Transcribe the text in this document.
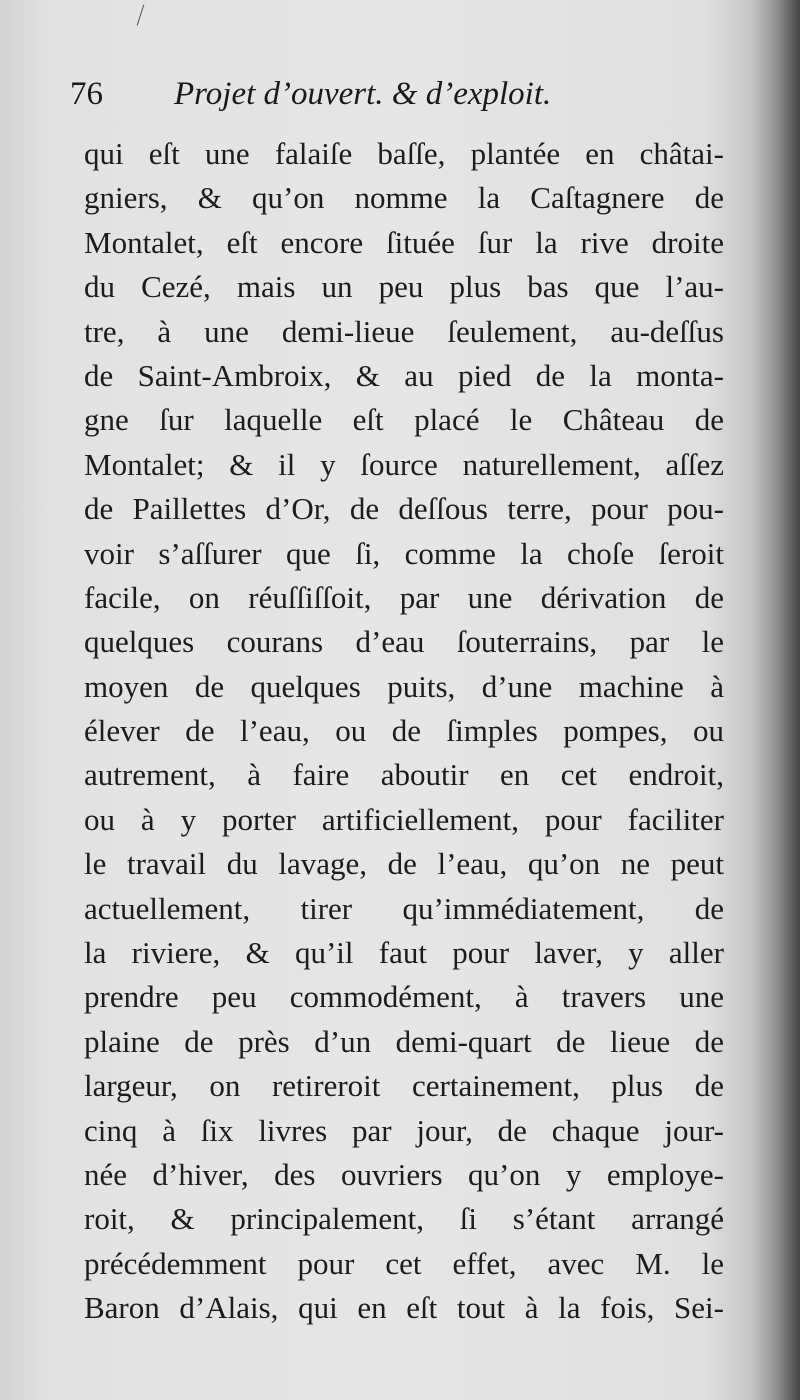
76 Projet d’ouvert. & d’exploit.
qui eſt une falaiſe baſſe, plantée en châtai-
gniers, & qu’on nomme la Caſtagnere de
Montalet, eſt encore ſituée ſur la rive droite
du Cezé, mais un peu plus bas que l’au-
tre, à une demi-lieue ſeulement, au-deſſus
de Saint-Ambroix, & au pied de la monta-
gne ſur laquelle eſt placé le Château de
Montalet; & il y ſource naturellement, aſſez
de Paillettes d’Or, de deſſous terre, pour pou-
voir s’aſſurer que ſi, comme la choſe ſeroit
facile, on réuſſiſſoit, par une dérivation de
quelques courans d’eau ſouterrains, par le
moyen de quelques puits, d’une machine à
élever de l’eau, ou de ſimples pompes, ou
autrement, à faire aboutir en cet endroit,
ou à y porter artificiellement, pour faciliter
le travail du lavage, de l’eau, qu’on ne peut
actuellement, tirer qu’immédiatement, de
la riviere, & qu’il faut pour laver, y aller
prendre peu commodément, à travers une
plaine de près d’un demi-quart de lieue de
largeur, on retireroit certainement, plus de
cinq à ſix livres par jour, de chaque jour-
née d’hiver, des ouvriers qu’on y employe-
roit, & principalement, ſi s’étant arrangé
précédemment pour cet effet, avec M. le
Baron d’Alais, qui en eſt tout à la fois, Sei-
